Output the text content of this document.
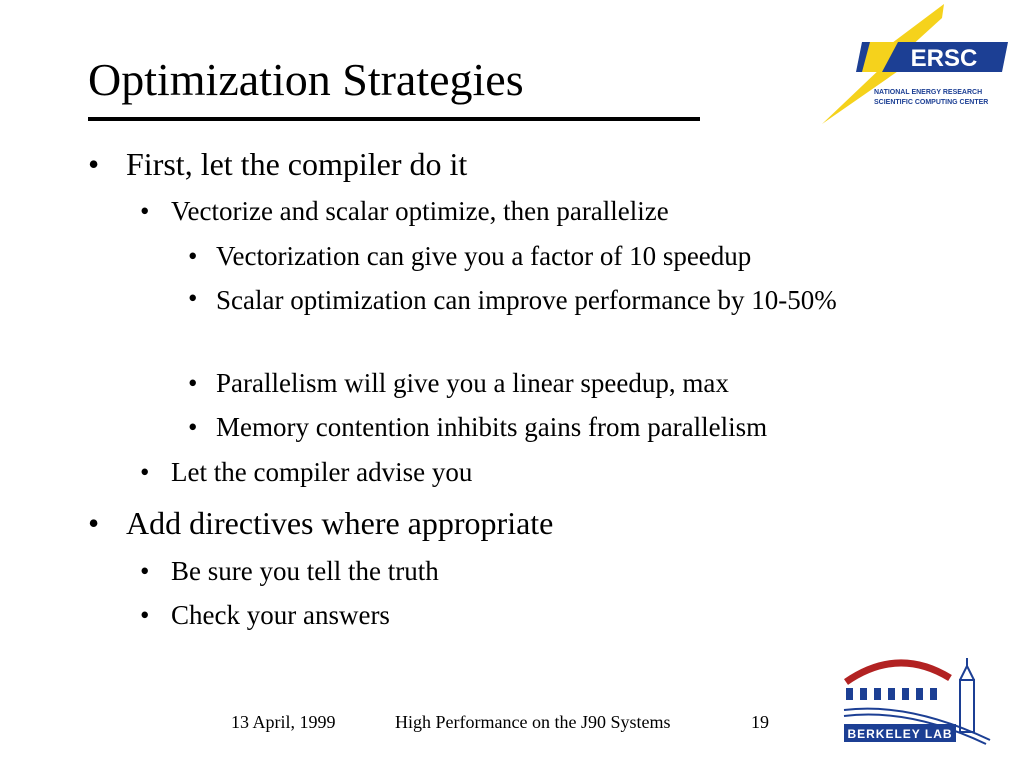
Optimization Strategies	ERSC
NATIONAL ENERGY RESEARCH
SCIENTIFIC COMPUTING CENTER
• First, let the compiler do it
• Vectorize and scalar optimize, then parallelize
• Vectorization can give you a factor of 10 speedup
• Scalar optimization can improve performance by 10-50%
• Parallelism will give you a linear speedup, max
• Memory contention inhibits gains from parallelism
• Let the compiler advise you
• Add directives where appropriate
• Be sure you tell the truth
• Check your answers
13 April, 1999	High Performance on the J90 Systems	19
BERKELEY LAB
